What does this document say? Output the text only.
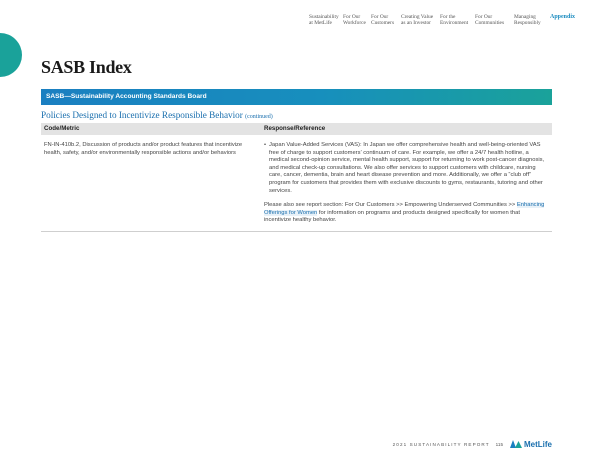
Sustainability
at MetLife
For Our
Workforce
For Our
Customers
Creating Value
as an Investor
For the
Environment
For Our
Communities
Managing
Responsibly
Appendix
SASB Index
SASB—Sustainability Accounting Standards Board
Policies Designed to Incentivize Responsible Behavior (continued)
Code/Metric	Response/Reference
FN-IN-410b.2, Discussion of products and/or product features that incentivize health, safety, and/or environmentally responsible actions and/or behaviors
• Japan Value-Added Services (VAS): In Japan we offer comprehensive health and well-being-oriented VAS free of charge to support customers’ continuum of care. For example, we offer a 24/7 health hotline, a medical second-opinion service, mental health support, support for returning to work post-cancer diagnosis, and medical check-up consultations. We also offer services to support customers with childcare, nursing care, cancer, dementia, brain and heart disease prevention and more. Additionally, we offer a “club off” program for customers that provides them with exclusive discounts to gyms, restaurants, tutoring and other services.
Please also see report section: For Our Customers >> Empowering Underserved Communities >> Enhancing Offerings for Women for information on programs and products designed specifically for women that incentivize healthy behavior.
2021 SUSTAINABILITY REPORT 115	MetLife
